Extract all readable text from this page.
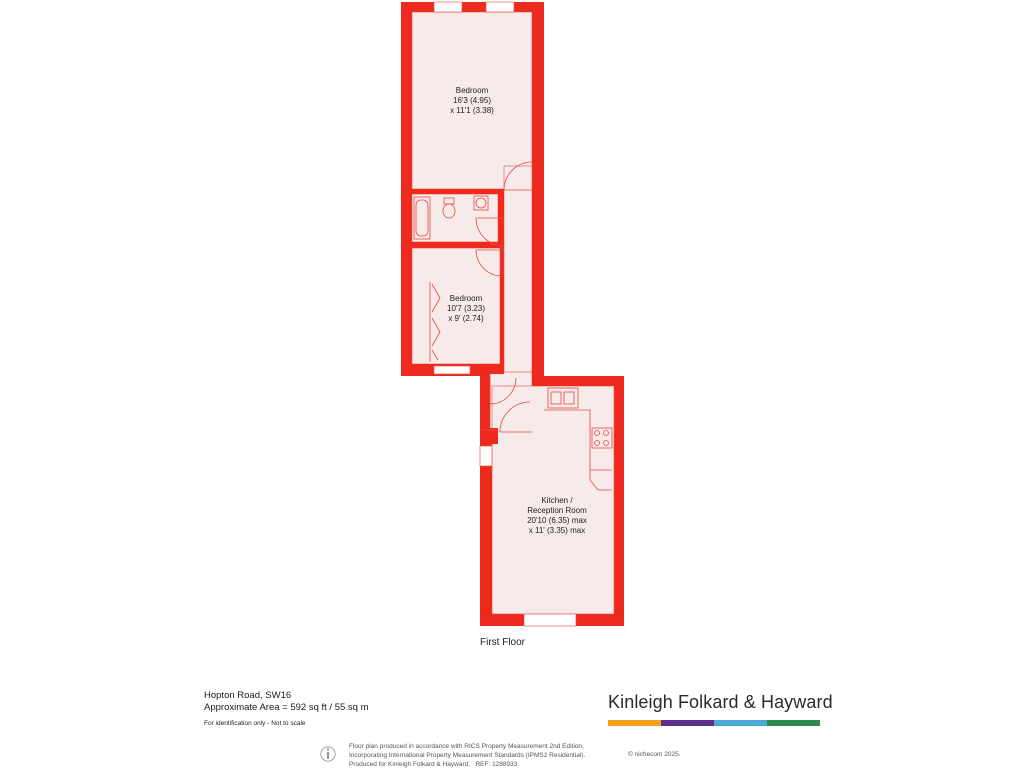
Bedroom
16'3 (4.95)
x 11'1 (3.38)
Bedroom
10'7 (3.23)
x 9' (2.74)
Kitchen /
Reception Room
20'10 (6.35) max
x 11' (3.35) max
First Floor
Hopton Road, SW16
Approximate Area = 592 sq ft / 55 sq m
For identification only - Not to scale
Kinleigh Folkard & Hayward
Floor plan produced in accordance with RICS Property Measurement 2nd Edition,
Incorporating International Property Measurement Standards (IPMS2 Residential).
Produced for Kinleigh Folkard & Hayward. REF: 1288933
© nichecom 2025.
